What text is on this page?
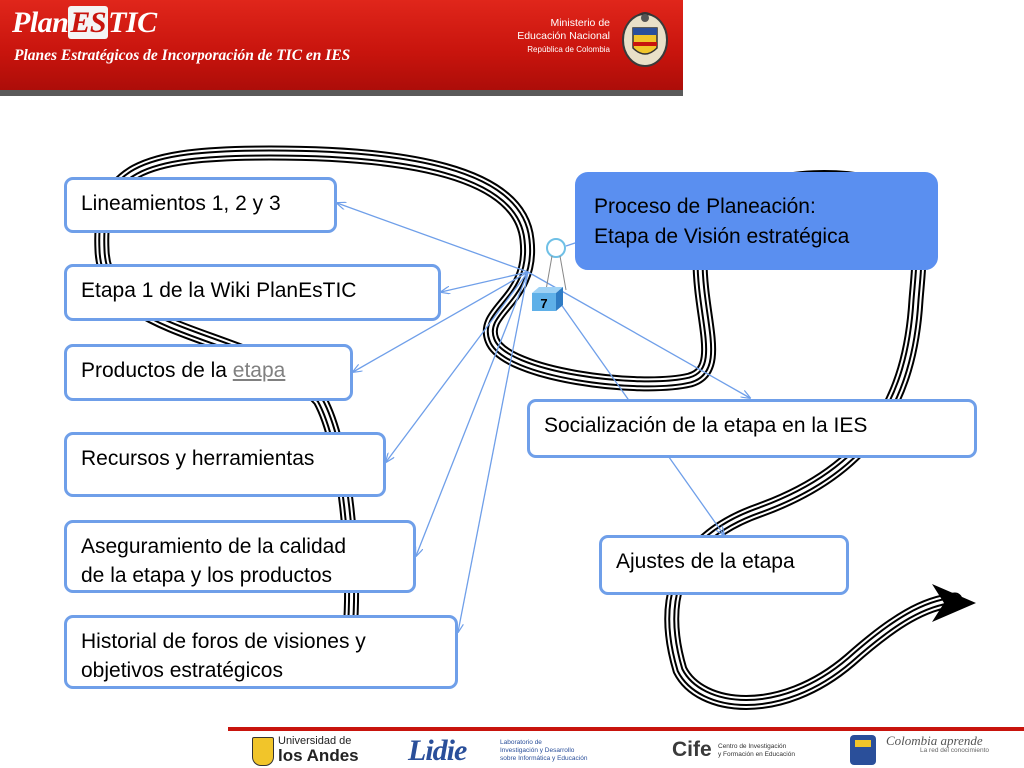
PlanESTIC
Planes Estratégicos de Incorporación de TIC en IES
Ministerio de
Educación Nacional
República de Colombia
7
Proceso de Planeación:
Etapa de Visión estratégica
Lineamientos 1, 2 y 3
Etapa 1 de la Wiki PlanEsTIC
Productos de la etapa
Recursos y herramientas
Aseguramiento de la calidad
de la etapa y los productos
Historial de foros de visiones y
objetivos estratégicos
Socialización de la etapa en la IES
Ajustes de la etapa
Universidad de
los Andes Lidie	Laboratorio de
Investigación y Desarrollo
sobre Informática y Educación	Cife Centro de Investigación
y Formación en Educación
Colombia aprende
La red del conocimiento
